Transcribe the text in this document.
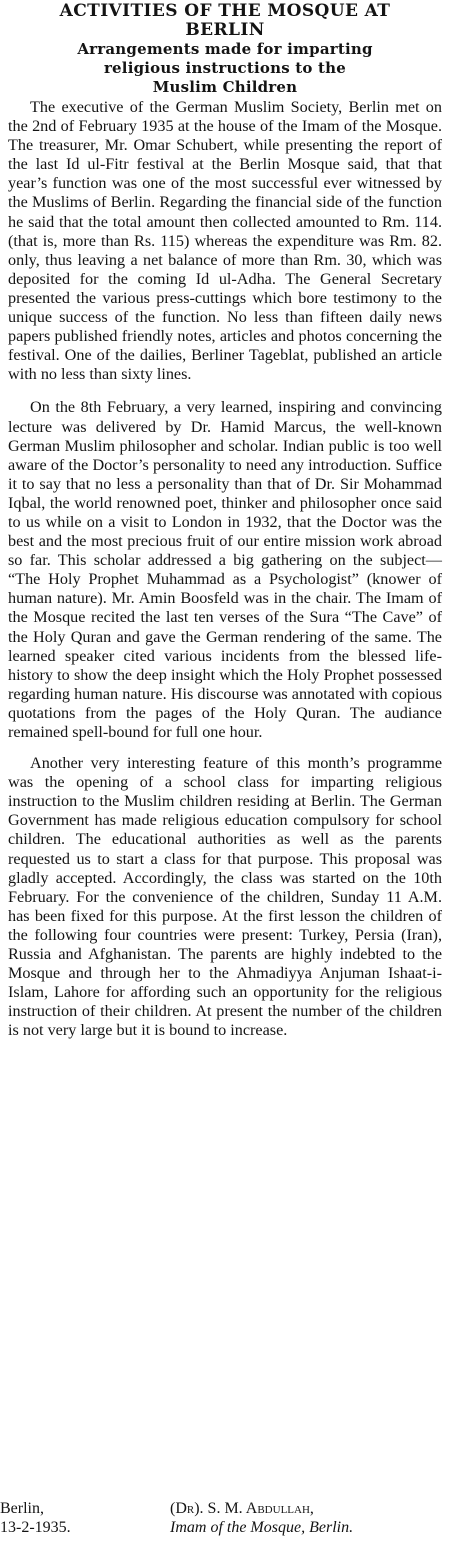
ACTIVITIES OF THE MOSQUE AT
BERLIN
Arrangements made for imparting
religious instructions to the
Muslim Children

The executive of the German Muslim Society, Berlin met on the 2nd of February 1935 at the house of the Imam of the Mosque. The treasurer, Mr. Omar Schubert, while presenting the report of the last Id ul-Fitr festival at the Berlin Mosque said, that that year’s function was one of the most successful ever witnessed by the Muslims of Berlin. Regarding the financial side of the function he said that the total amount then collected amounted to Rm. 114. (that is, more than Rs. 115) whereas the expenditure was Rm. 82. only, thus leaving a net balance of more than Rm. 30, which was deposited for the coming Id ul-Adha. The General Secretary presented the various press-cuttings which bore testimony to the unique success of the function. No less than fifteen daily news papers published friendly notes, articles and photos concerning the festival. One of the dailies, Berliner Tageblat, published an article with no less than sixty lines.

On the 8th February, a very learned, inspiring and convincing lecture was delivered by Dr. Hamid Marcus, the well-known German Muslim philosopher and scholar. Indian public is too well aware of the Doctor’s personality to need any introduction. Suffice it to say that no less a personality than that of Dr. Sir Mohammad Iqbal, the world renowned poet, thinker and philosopher once said to us while on a visit to London in 1932, that the Doctor was the best and the most precious fruit of our entire mission work abroad so far. This scholar addressed a big gathering on the subject— “The Holy Prophet Muhammad as a Psychologist” (knower of human nature). Mr. Amin Boosfeld was in the chair. The Imam of the Mosque recited the last ten verses of the Sura “The Cave” of the Holy Quran and gave the German rendering of the same. The learned speaker cited various incidents from the blessed life-history to show the deep insight which the Holy Prophet possessed regarding human nature. His discourse was annotated with copious quotations from the pages of the Holy Quran. The audiance remained spell-bound for full one hour.

Another very interesting feature of this month’s programme was the opening of a school class for imparting religious instruction to the Muslim children residing at Berlin. The German Government has made religious education compulsory for school children. The educational authorities as well as the parents requested us to start a class for that purpose. This proposal was gladly accepted. Accordingly, the class was started on the 10th February. For the convenience of the children, Sunday 11 A.M. has been fixed for this purpose. At the first lesson the children of the following four countries were present: Turkey, Persia (Iran), Russia and Afghanistan. The parents are highly indebted to the Mosque and through her to the Ahmadiyya Anjuman Ishaat-i-Islam, Lahore for affording such an opportunity for the religious instruction of their children. At present the number of the children is not very large but it is bound to increase.

Berlin,	(Dr). S. M. Abdullah,
13-2-1935.	Imam of the Mosque, Berlin.
